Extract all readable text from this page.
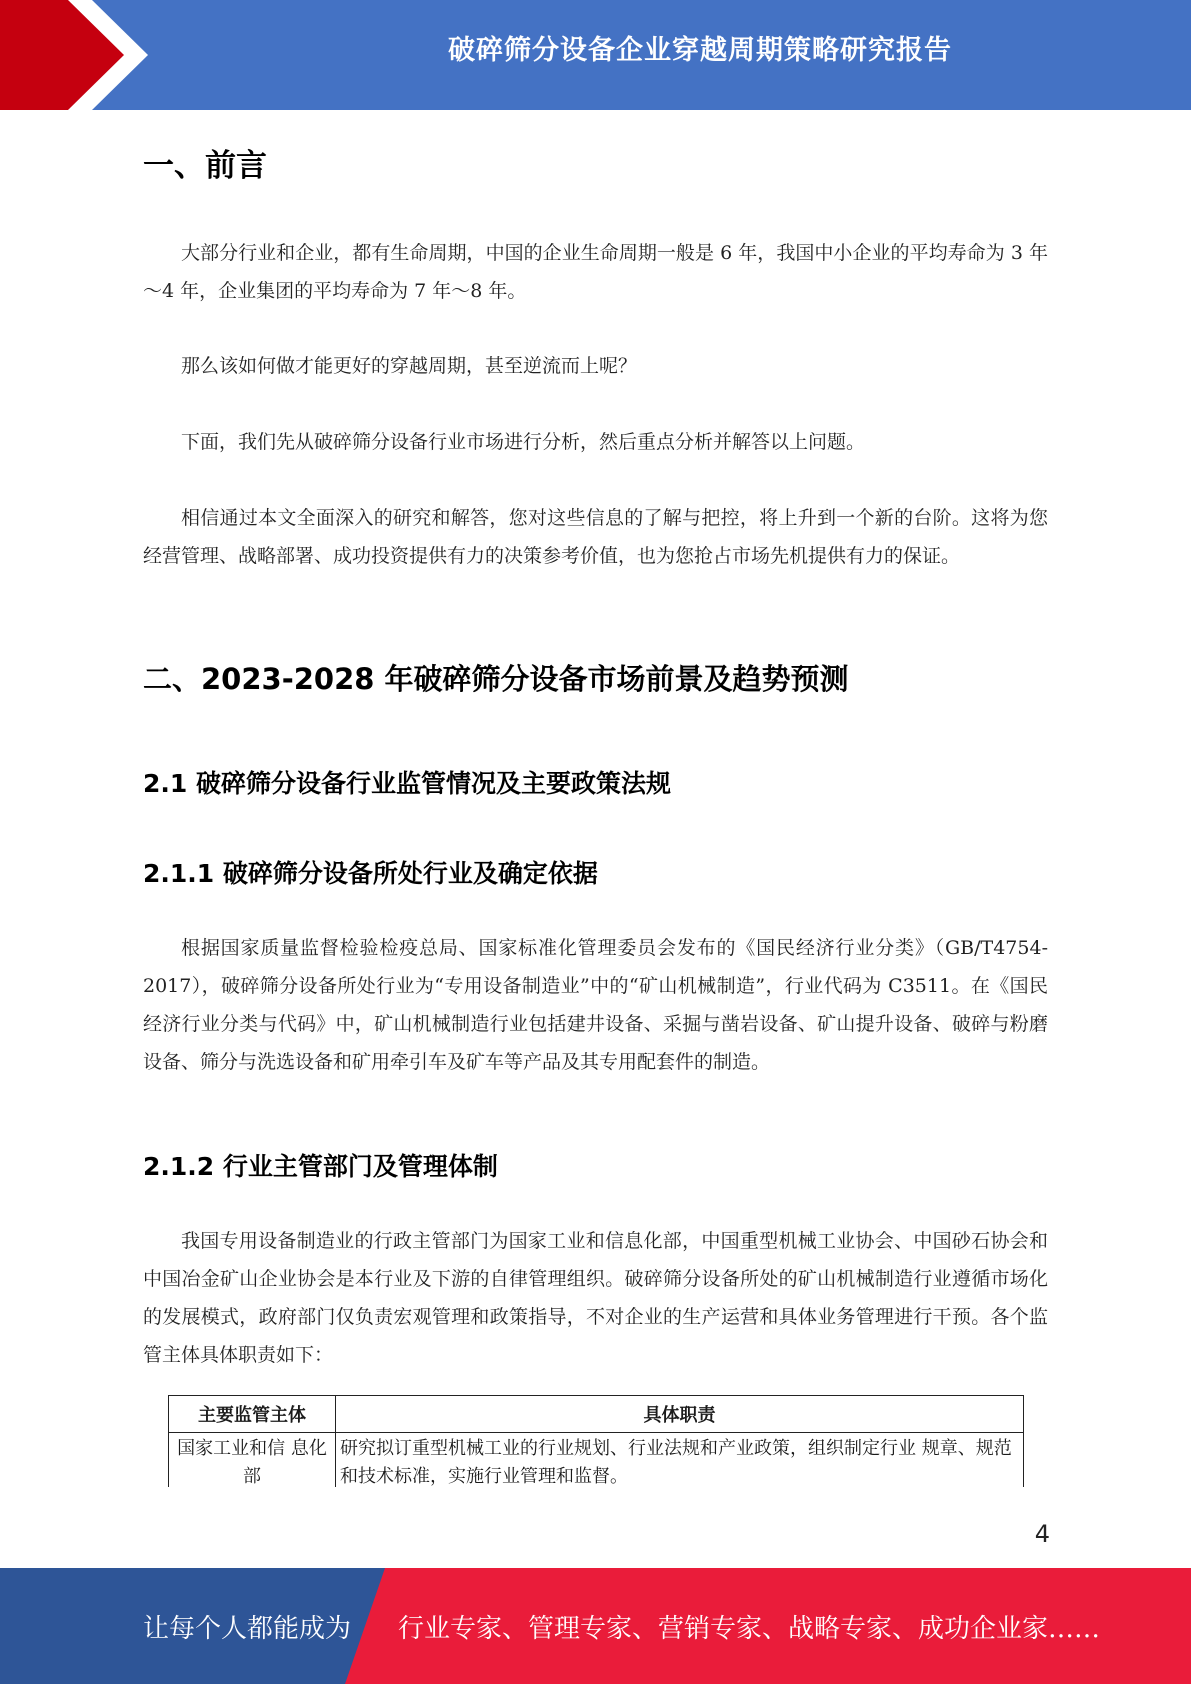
破碎筛分设备企业穿越周期策略研究报告
一、前言

大部分行业和企业，都有生命周期，中国的企业生命周期一般是 6 年，我国中小企业的平均寿命为 3 年～4 年，企业集团的平均寿命为 7 年～8 年。

那么该如何做才能更好的穿越周期，甚至逆流而上呢？

下面，我们先从破碎筛分设备行业市场进行分析，然后重点分析并解答以上问题。

相信通过本文全面深入的研究和解答，您对这些信息的了解与把控，将上升到一个新的台阶。这将为您经营管理、战略部署、成功投资提供有力的决策参考价值，也为您抢占市场先机提供有力的保证。

二、2023-2028 年破碎筛分设备市场前景及趋势预测
2.1 破碎筛分设备行业监管情况及主要政策法规
2.1.1 破碎筛分设备所处行业及确定依据

根据国家质量监督检验检疫总局、国家标准化管理委员会发布的《国民经济行业分类》（GB/T4754-2017），破碎筛分设备所处行业为“专用设备制造业”中的“矿山机械制造”，行业代码为 C3511。在《国民经济行业分类与代码》中，矿山机械制造行业包括建井设备、采掘与凿岩设备、矿山提升设备、破碎与粉磨设备、筛分与洗选设备和矿用牵引车及矿车等产品及其专用配套件的制造。

2.1.2 行业主管部门及管理体制

我国专用设备制造业的行政主管部门为国家工业和信息化部，中国重型机械工业协会、中国砂石协会和中国冶金矿山企业协会是本行业及下游的自律管理组织。破碎筛分设备所处的矿山机械制造行业遵循市场化的发展模式，政府部门仅负责宏观管理和政策指导，不对企业的生产运营和具体业务管理进行干预。各个监管主体具体职责如下：

主要监管主体	具体职责
国家工业和信 息化部	研究拟订重型机械工业的行业规划、行业法规和产业政策，组织制定行业 规章、规范和技术标准，实施行业管理和监督。
4
让每个人都能成为 行业专家、管理专家、营销专家、战略专家、成功企业家……
